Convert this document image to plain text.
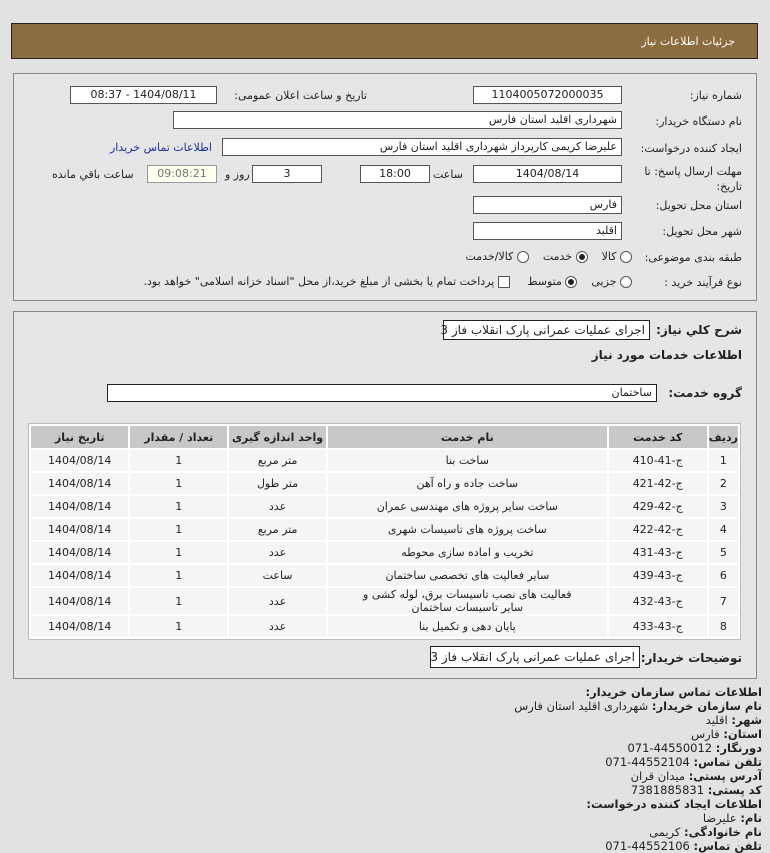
جزئیات اطلاعات نیاز
شماره نیاز:
1104005072000035
تاریخ و ساعت اعلان عمومی:
1404/08/11 - 08:37
نام دستگاه خریدار:
شهرداری اقلید استان فارس
ایجاد کننده درخواست:
علیرضا کریمی کارپرداز شهرداری اقلید استان فارس
اطلاعات تماس خریدار
مهلت ارسال پاسخ: تا تاریخ:
1404/08/14
ساعت
18:00
3
روز و
09:08:21
ساعت باقي مانده
استان محل تحویل:
فارس
شهر محل تحویل:
اقلید
طبقه بندی موضوعی:
کالا     خدمت     کالا/خدمت
نوع فرآیند خرید :
جزیی     متوسط      پرداخت تمام یا بخشی از مبلغ خرید،از محل "اسناد خزانه اسلامی" خواهد بود.
شرح کلي نیاز:
اجرای عملیات عمرانی پارک انقلاب فاز 3
اطلاعات خدمات مورد نیاز
گروه خدمت:
ساختمان
ردیف	کد خدمت	نام خدمت	واحد اندازه گیری	تعداد / مقدار	تاریخ نیاز
1	ج-41-410	ساخت بنا	متر مربع	1	1404/08/14
2	ج-42-421	ساخت جاده و راه آهن	متر طول	1	1404/08/14
3	ج-42-429	ساخت سایر پروژه های مهندسی عمران	عدد	1	1404/08/14
4	ج-42-422	ساخت پروژه های تاسیسات شهری	متر مربع	1	1404/08/14
5	ج-43-431	تخریب و اماده سازی محوطه	عدد	1	1404/08/14
6	ج-43-439	سایر فعالیت های تخصصی ساختمان	ساعت	1	1404/08/14
7	ج-43-432	فعالیت های نصب تاسیسات برق، لوله کشی و سایر تاسیسات ساختمان	عدد	1	1404/08/14
8	ج-43-433	پایان دهی و تکمیل بنا	عدد	1	1404/08/14
توضیحات خریدار:
اجرای عملیات عمرانی پارک انقلاب فاز 3
اطلاعات تماس سازمان خریدار:
نام سازمان خریدار: شهرداری اقلید استان فارس
شهر: اقلید
استان: فارس
دورنگار: 44550012-071
تلفن تماس: 44552104-071
آدرس پستی: میدان قران
کد پستی: 7381885831
اطلاعات ایجاد کننده درخواست:
نام: علیرضا
نام خانوادگی: کریمی
تلفن تماس: 44552106-071
